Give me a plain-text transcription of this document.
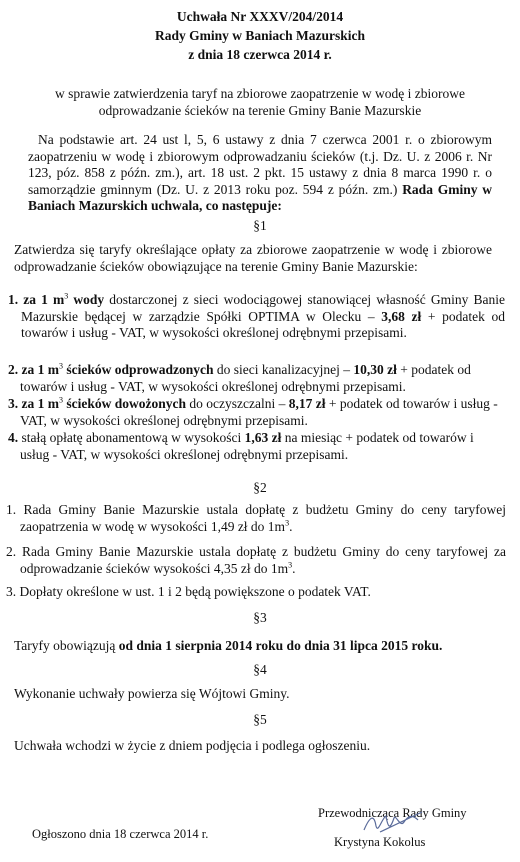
Uchwała Nr XXXV/204/2014
Rady Gminy w Baniach Mazurskich
z dnia 18 czerwca 2014 r.

w sprawie zatwierdzenia taryf na zbiorowe zaopatrzenie w wodę i zbiorowe odprowadzanie ścieków na terenie Gminy Banie Mazurskie

Na podstawie art. 24 ust l, 5, 6 ustawy z dnia 7 czerwca 2001 r. o zbiorowym zaopatrzeniu w wodę i zbiorowym odprowadzaniu ścieków (t.j. Dz. U. z 2006 r. Nr 123, póz. 858 z późn. zm.), art. 18 ust. 2 pkt. 15 ustawy z dnia 8 marca 1990 r. o samorządzie gminnym (Dz. U. z 2013 roku poz. 594 z późn. zm.) Rada Gminy w Baniach Mazurskich uchwala, co następuje:

§1

Zatwierdza się taryfy określające opłaty za zbiorowe zaopatrzenie w wodę i zbiorowe odprowadzanie ścieków obowiązujące na terenie Gminy Banie Mazurskie:

1. za 1 $m^3$ wody dostarczonej z sieci wodociągowej stanowiącej własność Gminy Banie Mazurskie będącej w zarządzie Spółki OPTIMA w Olecku – 3,68 zł + podatek od towarów i usług - VAT, w wysokości określonej odrębnymi przepisami.
2. za 1 $m^3$ ścieków odprowadzonych do sieci kanalizacyjnej – 10,30 zł + podatek od towarów i usług - VAT, w wysokości określonej odrębnymi przepisami.
3. za 1 $m^3$ ścieków dowożonych do oczyszczalni – 8,17 zł + podatek od towarów i usług - VAT, w wysokości określonej odrębnymi przepisami.
4. stałą opłatę abonamentową w wysokości 1,63 zł na miesiąc + podatek od towarów i usług - VAT, w wysokości określonej odrębnymi przepisami.
§2
1. Rada Gminy Banie Mazurskie ustala dopłatę z budżetu Gminy do ceny taryfowej zaopatrzenia w wodę w wysokości 1,49 zł do $1m^3$.
2. Rada Gminy Banie Mazurskie ustala dopłatę z budżetu Gminy do ceny taryfowej za odprowadzanie ścieków wysokości 4,35 zł do $1m^3$.
3. Dopłaty określone w ust. 1 i 2 będą powiększone o podatek VAT.
§3

Taryfy obowiązują od dnia 1 sierpnia 2014 roku do dnia 31 lipca 2015 roku.

§4

Wykonanie uchwały powierza się Wójtowi Gminy.

§5

Uchwała wchodzi w życie z dniem podjęcia i podlega ogłoszeniu.

Przewodnicząca Rady Gminy
Krystyna Kokolus
Ogłoszono dnia 18 czerwca 2014 r.
